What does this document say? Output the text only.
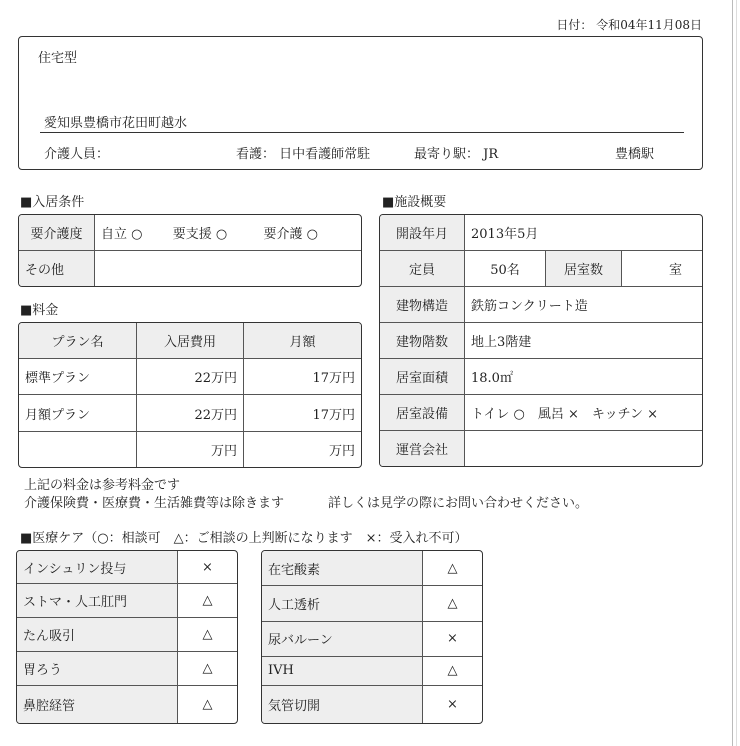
日付： 令和04年11月08日
住宅型
愛知県豊橋市花田町越水
介護人員：	看護： 日中看護師常駐	最寄り駅： JR	豊橋駅
■入居条件
要介護度	自立 ○ 要支援 ○ 要介護 ○
その他	
■料金
プラン名	入居費用	月額
標準プラン	22万円	17万円
月額プラン	22万円	17万円
	万円	万円
■施設概要
開設年月	2013年5月		
定員	50名	居室数	室
建物構造	鉄筋コンクリート造		
建物階数	地上3階建		
居室面積	18.0㎡		
居室設備	トイレ ○　風呂 ×　キッチン ×		
運営会社			
上記の料金は参考料金です
介護保険費・医療費・生活雑費等は除きます	詳しくは見学の際にお問い合わせください。
■医療ケア（○：相談可　△：ご相談の上判断になります　×：受入れ不可）
インシュリン投与	×
ストマ・人工肛門	△
たん吸引	△
胃ろう	△
鼻腔経管	△
在宅酸素	△
人工透析	△
尿バルーン	×
IVH	△
気管切開	×
